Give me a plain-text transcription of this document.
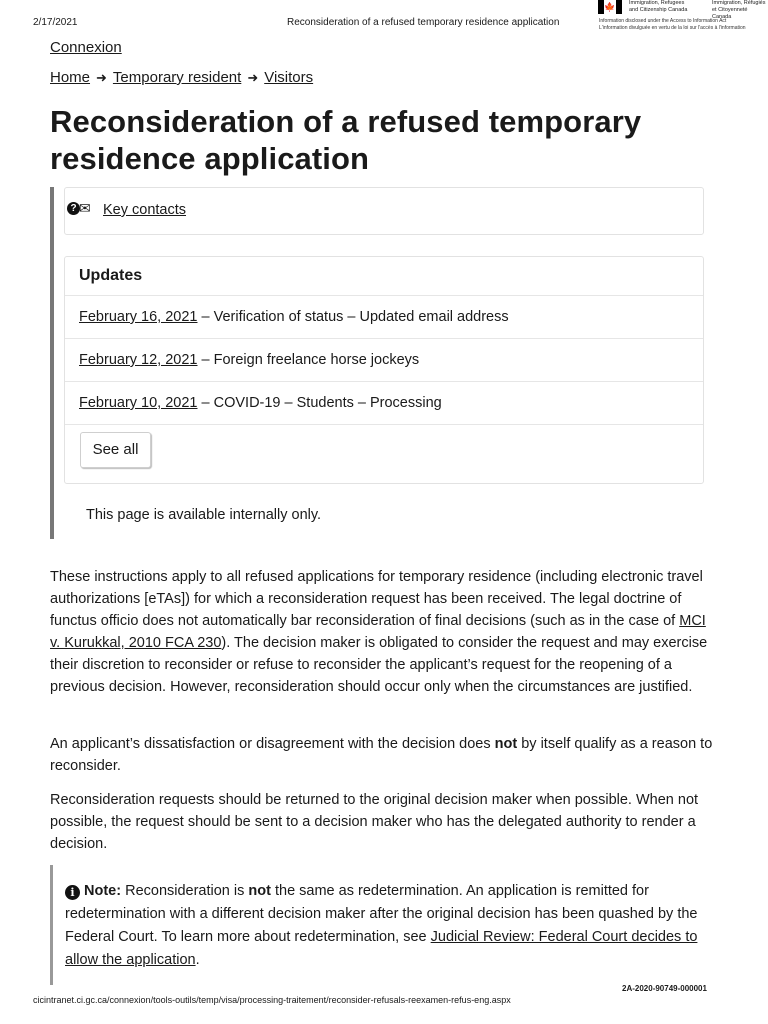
2/17/2021	Reconsideration of a refused temporary residence application
🍁 Immigration, Refugees
and Citizenship Canada
Immigration, Réfugiés
et Citoyenneté Canada
Information disclosed under the Access to Information Act
L'information divulguée en vertu de la loi sur l'accès à l'information
Connexion
Home ➜ Temporary resident ➜ Visitors
Reconsideration of a refused temporary residence application
? ✉ Key contacts
Updates
February 16, 2021 – Verification of status – Updated email address
February 12, 2021 – Foreign freelance horse jockeys
February 10, 2021 – COVID-19 – Students – Processing
See all
This page is available internally only.

These instructions apply to all refused applications for temporary residence (including electronic travel authorizations [eTAs]) for which a reconsideration request has been received. The legal doctrine of functus officio does not automatically bar reconsideration of final decisions (such as in the case of MCI v. Kurukkal, 2010 FCA 230). The decision maker is obligated to consider the request and may exercise their discretion to reconsider or refuse to reconsider the applicant’s request for the reopening of a previous decision. However, reconsideration should occur only when the circumstances are justified.

An applicant’s dissatisfaction or disagreement with the decision does not by itself qualify as a reason to reconsider.

Reconsideration requests should be returned to the original decision maker when possible. When not possible, the request should be sent to a decision maker who has the delegated authority to render a decision.

i Note: Reconsideration is not the same as redetermination. An application is remitted for redetermination with a different decision maker after the original decision has been quashed by the Federal Court. To learn more about redetermination, see Judicial Review: Federal Court decides to allow the application.
2A-2020-90749-000001
cicintranet.ci.gc.ca/connexion/tools-outils/temp/visa/processing-traitement/reconsider-refusals-reexamen-refus-eng.aspx
